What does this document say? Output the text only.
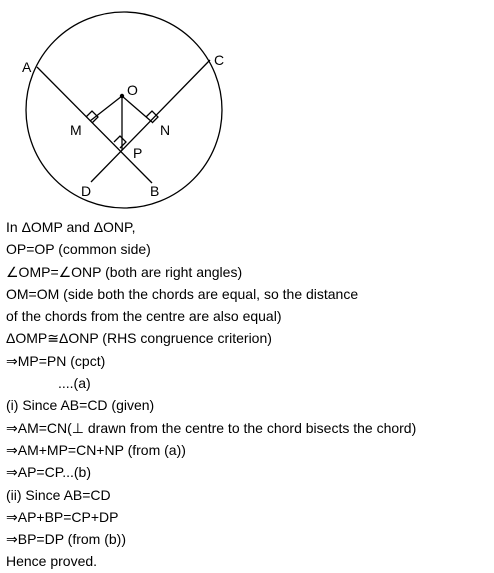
A	C
O
M	N
P
D	B
In ΔOMP and ΔONP,
OP=OP (common side)
∠OMP=∠ONP (both are right angles)
OM=OM (side both the chords are equal, so the distance
of the chords from the centre are also equal)
ΔOMP≅ΔONP (RHS congruence criterion)
⇒MP=PN (cpct)
....(a)
(i) Since AB=CD (given)
⇒AM=CN(⊥ drawn from the centre to the chord bisects the chord)
⇒AM+MP=CN+NP (from (a))
⇒AP=CP...(b)
(ii) Since AB=CD
⇒AP+BP=CP+DP
⇒BP=DP (from (b))
Hence proved.
